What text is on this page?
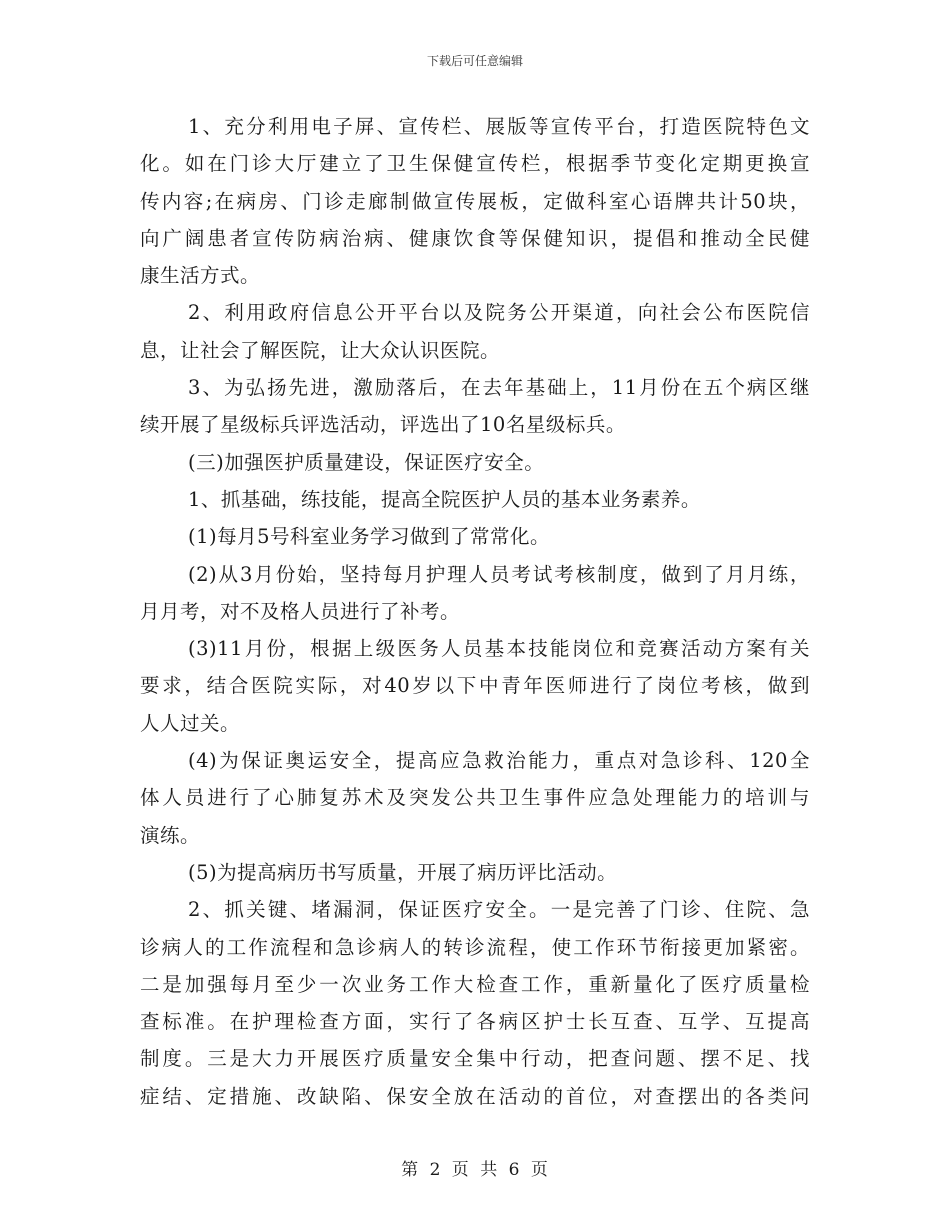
下载后可任意编辑
1、充分利用电子屏、宣传栏、展版等宣传平台，打造医院特色文
化。如在门诊大厅建立了卫生保健宣传栏，根据季节变化定期更换宣
传内容;在病房、门诊走廊制做宣传展板，定做科室心语牌共计50块，
向广阔患者宣传防病治病、健康饮食等保健知识，提倡和推动全民健
康生活方式。
2、利用政府信息公开平台以及院务公开渠道，向社会公布医院信
息，让社会了解医院，让大众认识医院。
3、为弘扬先进，激励落后，在去年基础上，11月份在五个病区继
续开展了星级标兵评选活动，评选出了10名星级标兵。
(三)加强医护质量建设，保证医疗安全。
1、抓基础，练技能，提高全院医护人员的基本业务素养。
(1)每月5号科室业务学习做到了常常化。
(2)从3月份始，坚持每月护理人员考试考核制度，做到了月月练，
月月考，对不及格人员进行了补考。
(3)11月份，根据上级医务人员基本技能岗位和竞赛活动方案有关
要求，结合医院实际，对40岁以下中青年医师进行了岗位考核，做到
人人过关。
(4)为保证奥运安全，提高应急救治能力，重点对急诊科、120全
体人员进行了心肺复苏术及突发公共卫生事件应急处理能力的培训与
演练。
(5)为提高病历书写质量，开展了病历评比活动。
2、抓关键、堵漏洞，保证医疗安全。一是完善了门诊、住院、急
诊病人的工作流程和急诊病人的转诊流程，使工作环节衔接更加紧密。
二是加强每月至少一次业务工作大检查工作，重新量化了医疗质量检
查标准。在护理检查方面，实行了各病区护士长互查、互学、互提高
制度。三是大力开展医疗质量安全集中行动，把查问题、摆不足、找
症结、定措施、改缺陷、保安全放在活动的首位，对查摆出的各类问
第 2 页 共 6 页
